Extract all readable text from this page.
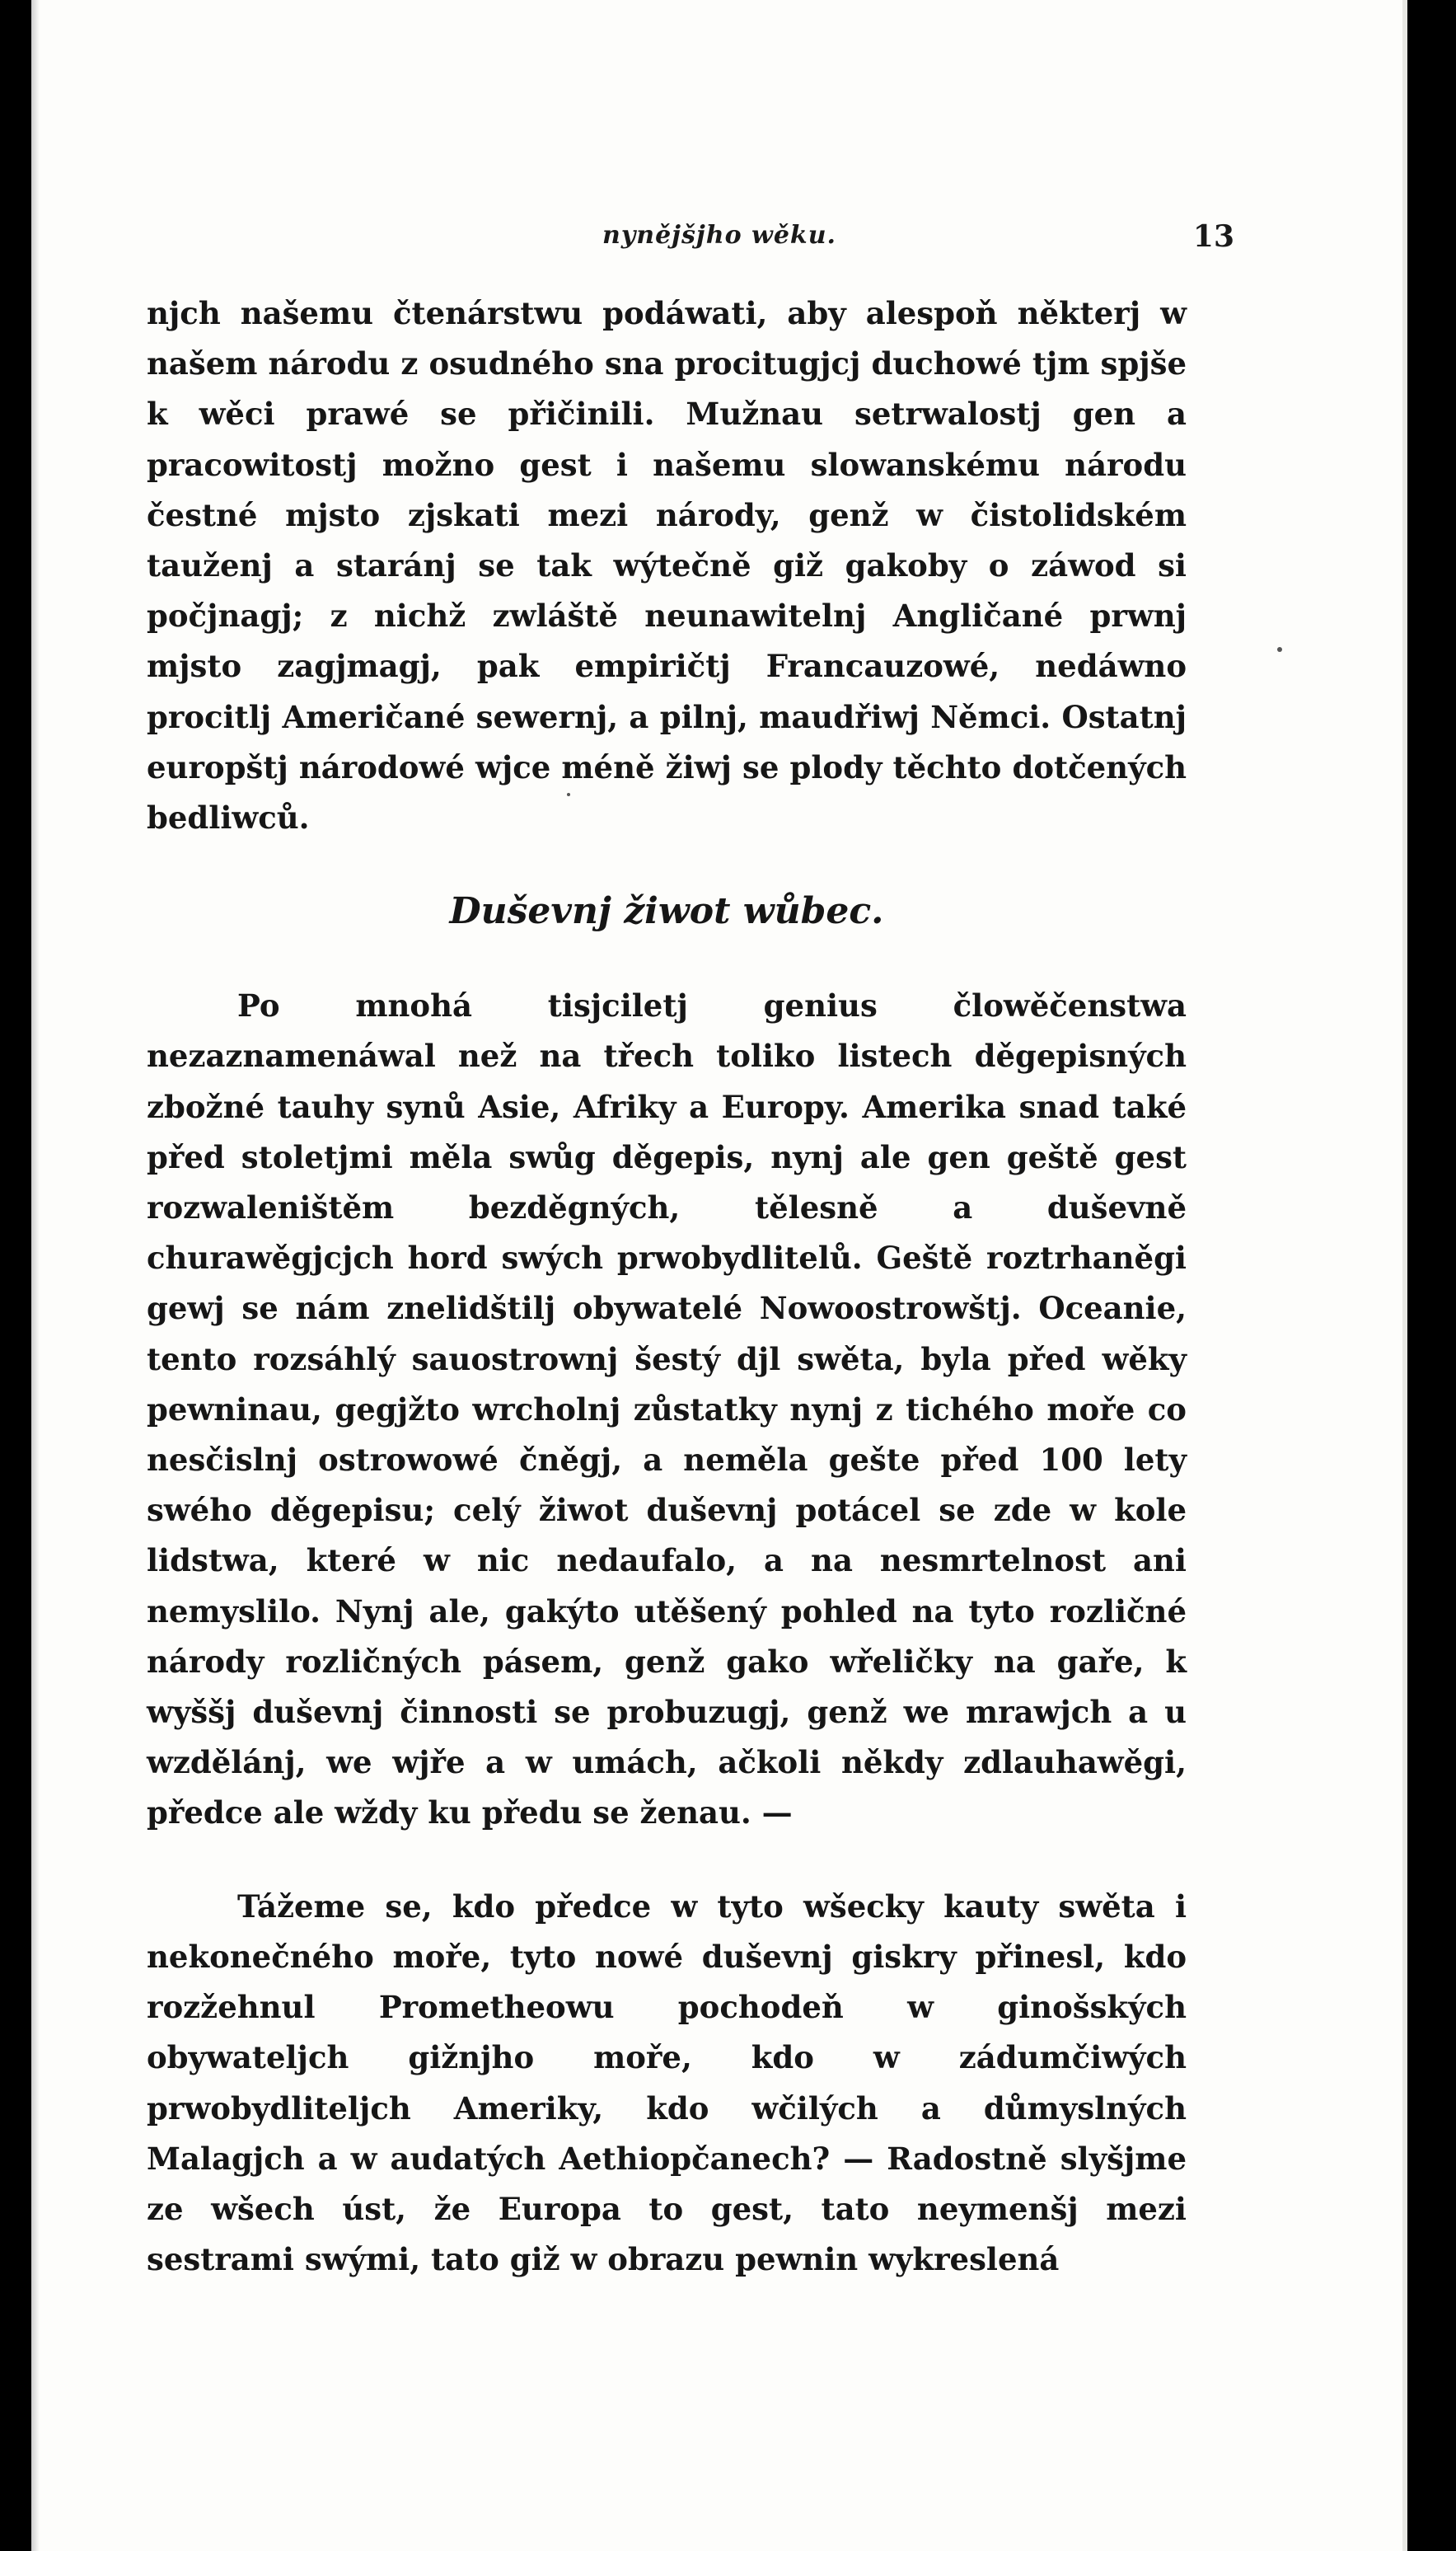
nynějšjho wěku.	13

njch našemu čtenárstwu podáwati, aby alespoň některj w našem národu z osudného sna procitugjcj duchowé tjm spjše k wěci prawé se přičinili. Mužnau setrwalostj gen a pracowitostj možno gest i našemu slowanskému národu čestné mjsto zjskati mezi národy, genž w čistolidském tauženj a staránj se tak wýtečně giž gakoby o záwod si počjnagj; z nichž zwláště neunawitelnj Angličané prwnj mjsto zagjmagj, pak empiričtj Francauzowé, nedáwno procitlj Američané sewernj, a pilnj, maudřiwj Němci. Ostatnj europštj národowé wjce méně žiwj se plody těchto dotčených bedliwců.

Duševnj žiwot wůbec.

Po mnohá tisjciletj genius člowěčenstwa nezaznamenáwal než na třech toliko listech děgepisných zbožné tauhy synů Asie, Afriky a Europy. Amerika snad také před stoletjmi měla swůg děgepis, nynj ale gen geště gest rozwaleništěm bezděgných, tělesně a duševně churawěgjcjch hord swých prwobydlitelů. Geště roztrhaněgi gewj se nám znelidštilj obywatelé Nowoostrowštj. Oceanie, tento rozsáhlý sauostrownj šestý djl swěta, byla před wěky pewninau, gegjžto wrcholnj zůstatky nynj z tichého moře co nesčislnj ostrowowé čněgj, a neměla gešte před 100 lety swého děgepisu; celý žiwot duševnj potácel se zde w kole lidstwa, které w nic nedaufalo, a na nesmrtelnost ani nemyslilo. Nynj ale, gakýto utěšený pohled na tyto rozličné národy rozličných pásem, genž gako wřeličky na gaře, k wyššj duševnj činnosti se probuzugj, genž we mrawjch a u wzdělánj, we wjře a w umách, ačkoli někdy zdlauhawěgi, předce ale wždy ku předu se ženau. —

Tážeme se, kdo předce w tyto wšecky kauty swěta i nekonečného moře, tyto nowé duševnj giskry přinesl, kdo rozžehnul Prometheowu pochodeň w ginošských obywateljch gižnjho moře, kdo w zádumčiwých prwobydliteljch Ameriky, kdo wčilých a důmyslných Malagjch a w audatých Aethiopčanech? — Radostně slyšjme ze wšech úst, že Europa to gest, tato neymenšj mezi sestrami swými, tato giž w obrazu pewnin wykreslená
